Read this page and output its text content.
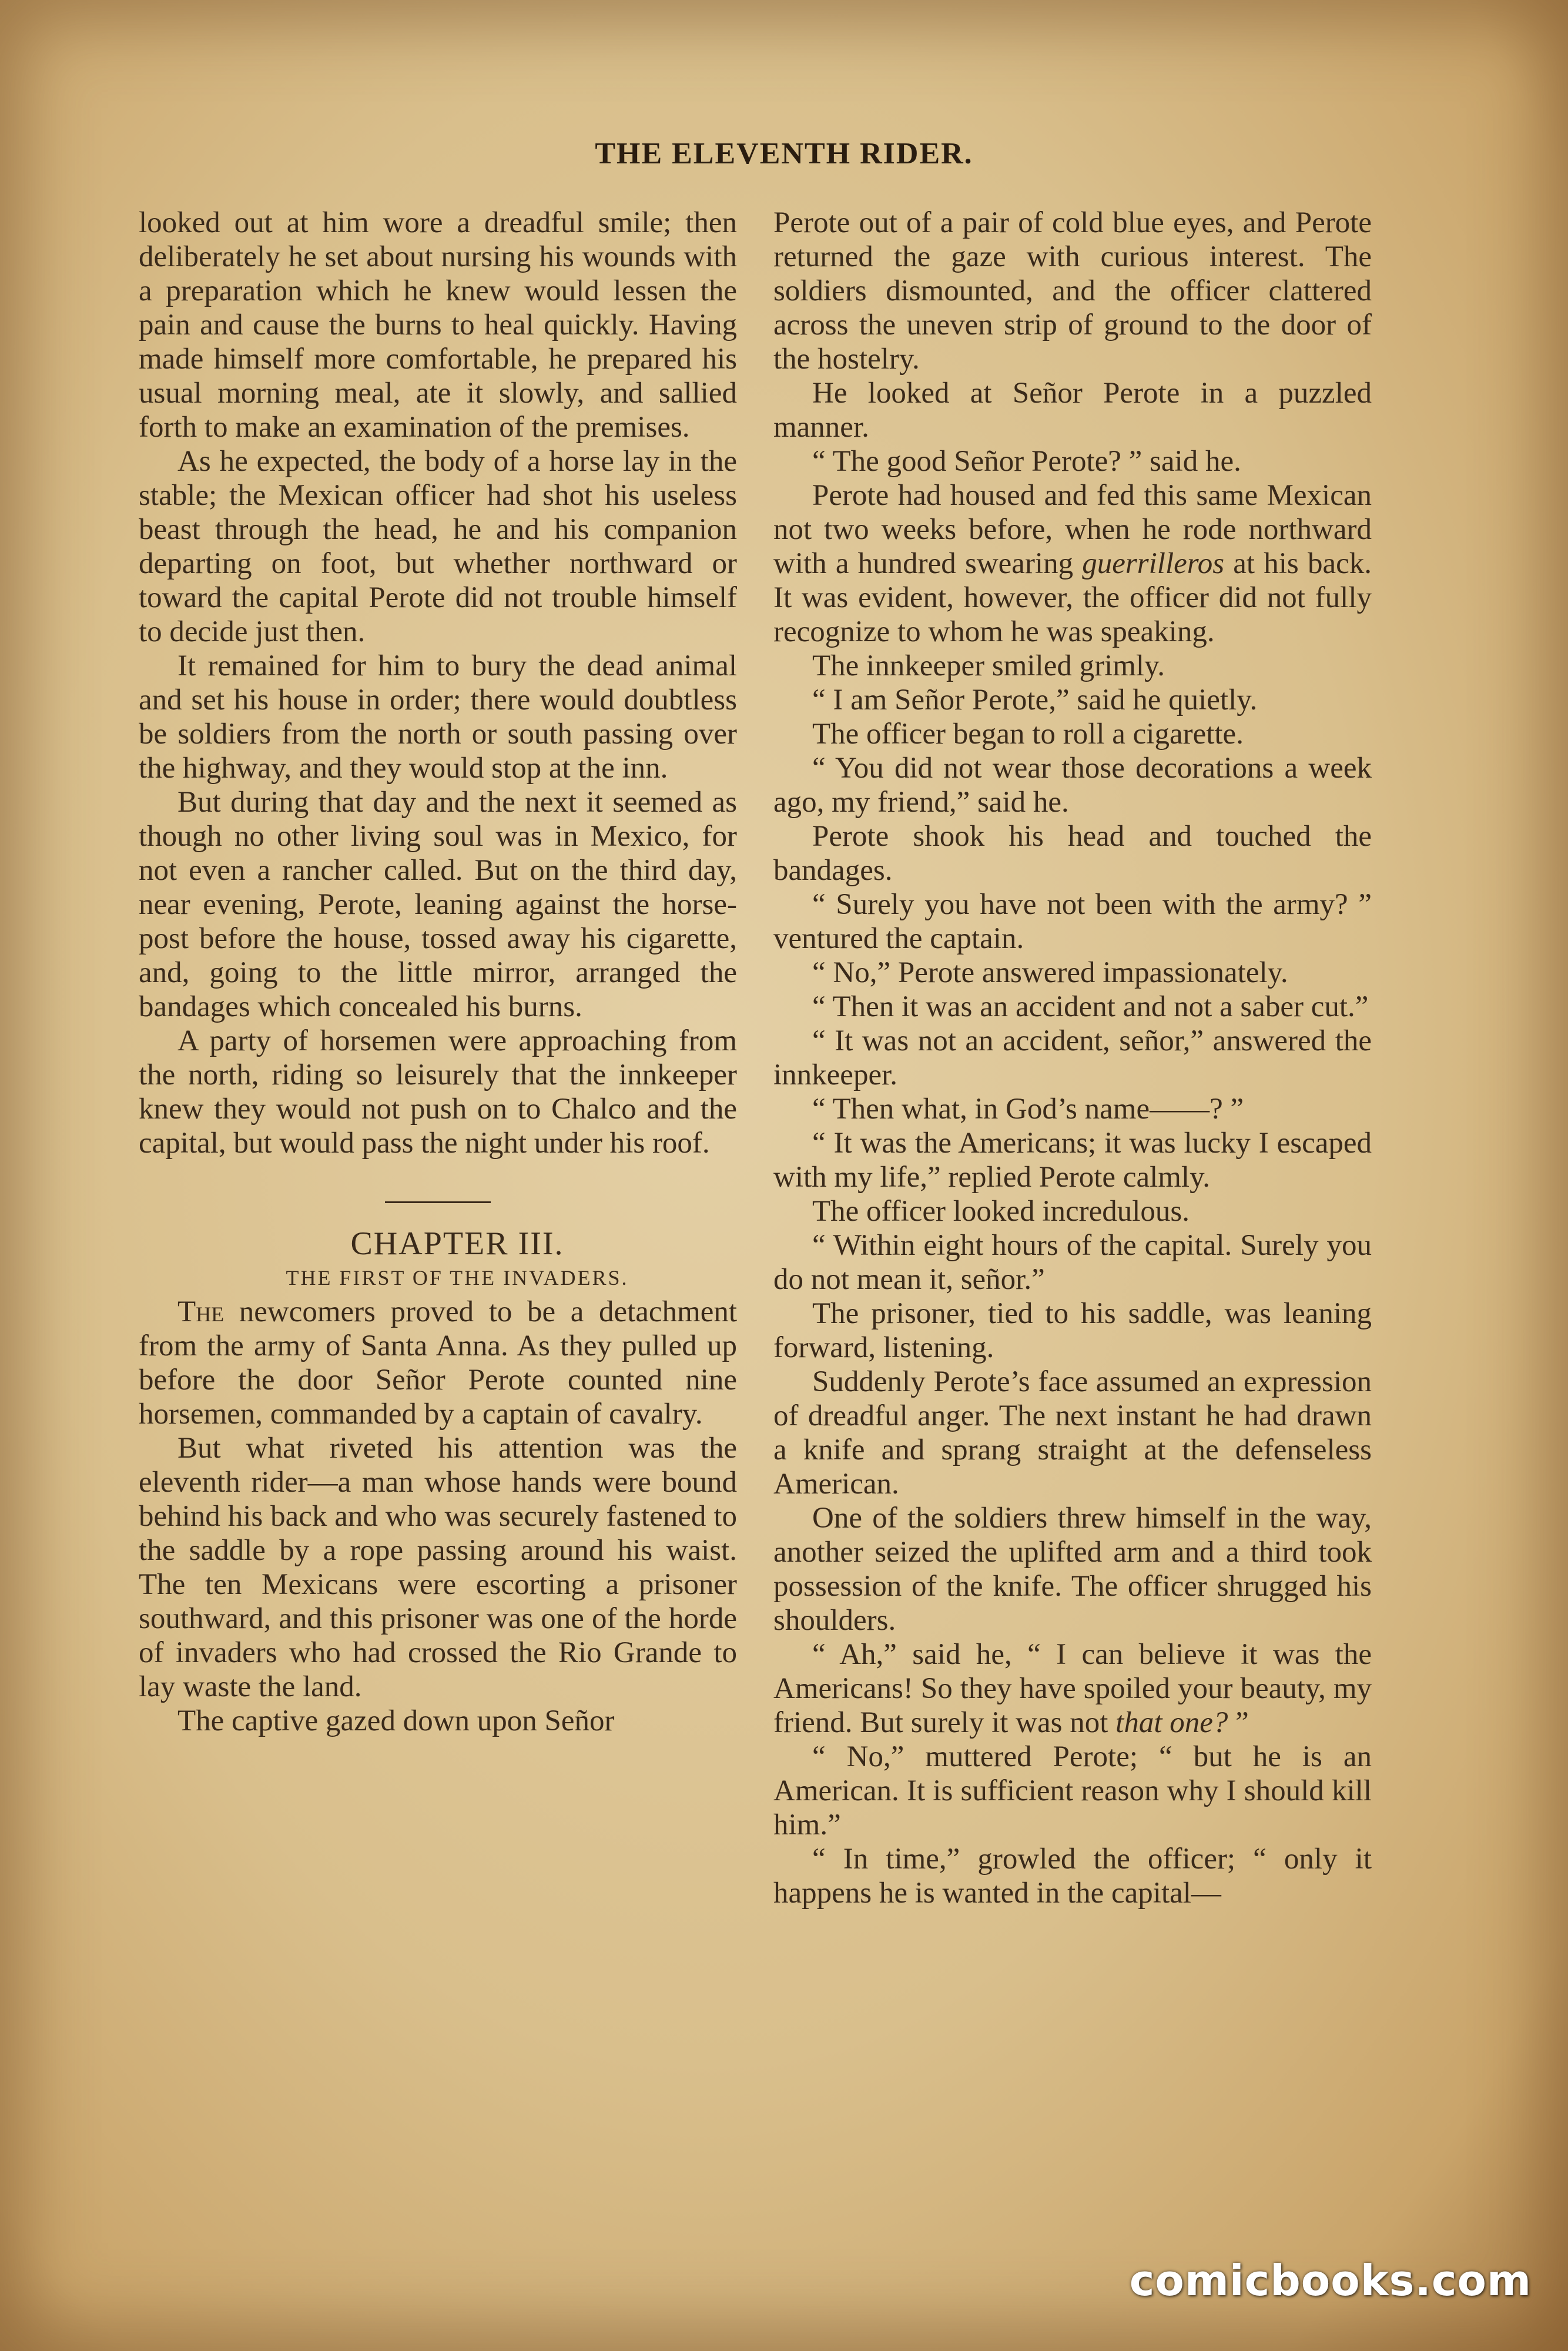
THE ELEVENTH RIDER.

looked out at him wore a dreadful smile; then deliberately he set about nursing his wounds with a preparation which he knew would lessen the pain and cause the burns to heal quickly. Having made himself more comfortable, he prepared his usual morning meal, ate it slowly, and sallied forth to make an examination of the premises.

As he expected, the body of a horse lay in the stable; the Mexican officer had shot his useless beast through the head, he and his companion departing on foot, but whether northward or toward the capital Perote did not trouble himself to decide just then.

It remained for him to bury the dead animal and set his house in order; there would doubtless be soldiers from the north or south passing over the highway, and they would stop at the inn.

But during that day and the next it seemed as though no other living soul was in Mexico, for not even a rancher called. But on the third day, near evening, Perote, leaning against the horse-post before the house, tossed away his cigarette, and, going to the little mirror, arranged the bandages which concealed his burns.

A party of horsemen were approaching from the north, riding so leisurely that the innkeeper knew they would not push on to Chalco and the capital, but would pass the night under his roof.

CHAPTER III.

THE FIRST OF THE INVADERS.

The newcomers proved to be a detachment from the army of Santa Anna. As they pulled up before the door Señor Perote counted nine horsemen, commanded by a captain of cavalry.

But what riveted his attention was the eleventh rider—a man whose hands were bound behind his back and who was securely fastened to the saddle by a rope passing around his waist. The ten Mexicans were escorting a prisoner southward, and this prisoner was one of the horde of invaders who had crossed the Rio Grande to lay waste the land.

The captive gazed down upon Señor

Perote out of a pair of cold blue eyes, and Perote returned the gaze with curious interest. The soldiers dismounted, and the officer clattered across the uneven strip of ground to the door of the hostelry.

He looked at Señor Perote in a puzzled manner.

“ The good Señor Perote? ” said he.

Perote had housed and fed this same Mexican not two weeks before, when he rode northward with a hundred swearing guerrilleros at his back. It was evident, however, the officer did not fully recognize to whom he was speaking.

The innkeeper smiled grimly.

“ I am Señor Perote,” said he quietly.

The officer began to roll a cigarette.

“ You did not wear those decorations a week ago, my friend,” said he.

Perote shook his head and touched the bandages.

“ Surely you have not been with the army? ” ventured the captain.

“ No,” Perote answered impassionately.

“ Then it was an accident and not a saber cut.”

“ It was not an accident, señor,” answered the innkeeper.

“ Then what, in God’s name——? ”

“ It was the Americans; it was lucky I escaped with my life,” replied Perote calmly.

The officer looked incredulous.

“ Within eight hours of the capital. Surely you do not mean it, señor.”

The prisoner, tied to his saddle, was leaning forward, listening.

Suddenly Perote’s face assumed an expression of dreadful anger. The next instant he had drawn a knife and sprang straight at the defenseless American.

One of the soldiers threw himself in the way, another seized the uplifted arm and a third took possession of the knife. The officer shrugged his shoulders.

“ Ah,” said he, “ I can believe it was the Americans! So they have spoiled your beauty, my friend. But surely it was not that one? ”

“ No,” muttered Perote; “ but he is an American. It is sufficient reason why I should kill him.”

“ In time,” growled the officer; “ only it happens he is wanted in the capital—

comicbooks.com
